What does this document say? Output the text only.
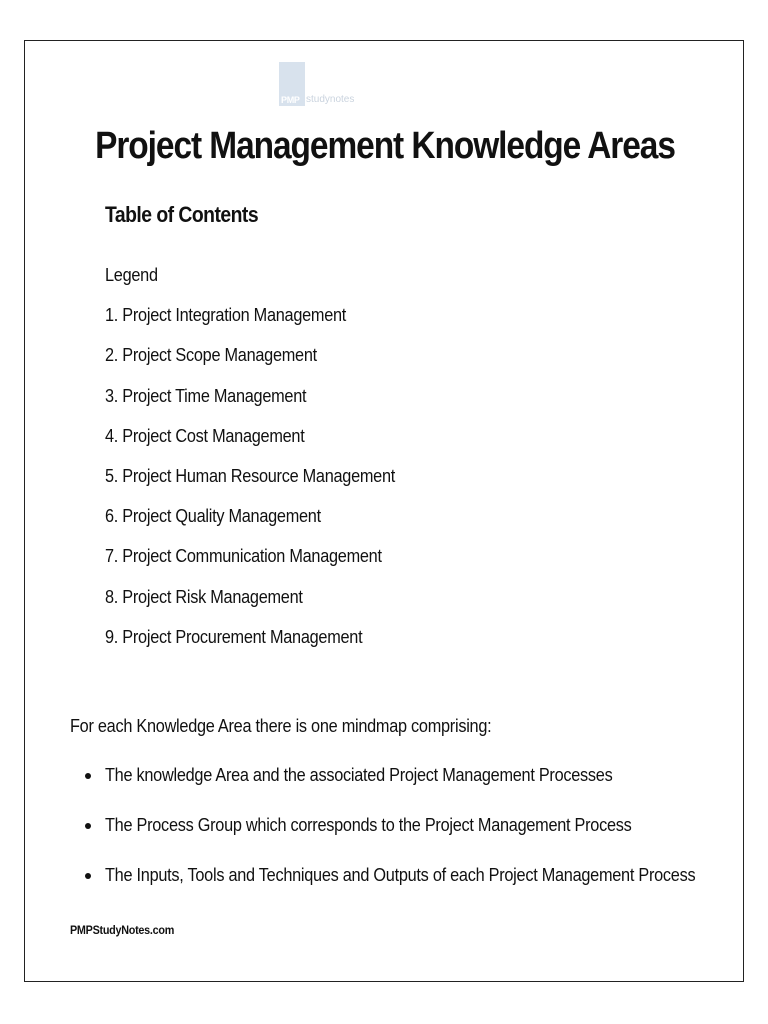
PMP studynotes
Project Management Knowledge Areas
Table of Contents
Legend
1. Project Integration Management
2. Project Scope Management
3. Project Time Management
4. Project Cost Management
5. Project Human Resource Management
6. Project Quality Management
7. Project Communication Management
8. Project Risk Management
9. Project Procurement Management

For each Knowledge Area there is one mindmap comprising:

The knowledge Area and the associated Project Management Processes
The Process Group which corresponds to the Project Management Process
The Inputs, Tools and Techniques and Outputs of each Project Management Process

PMPStudyNotes.com
